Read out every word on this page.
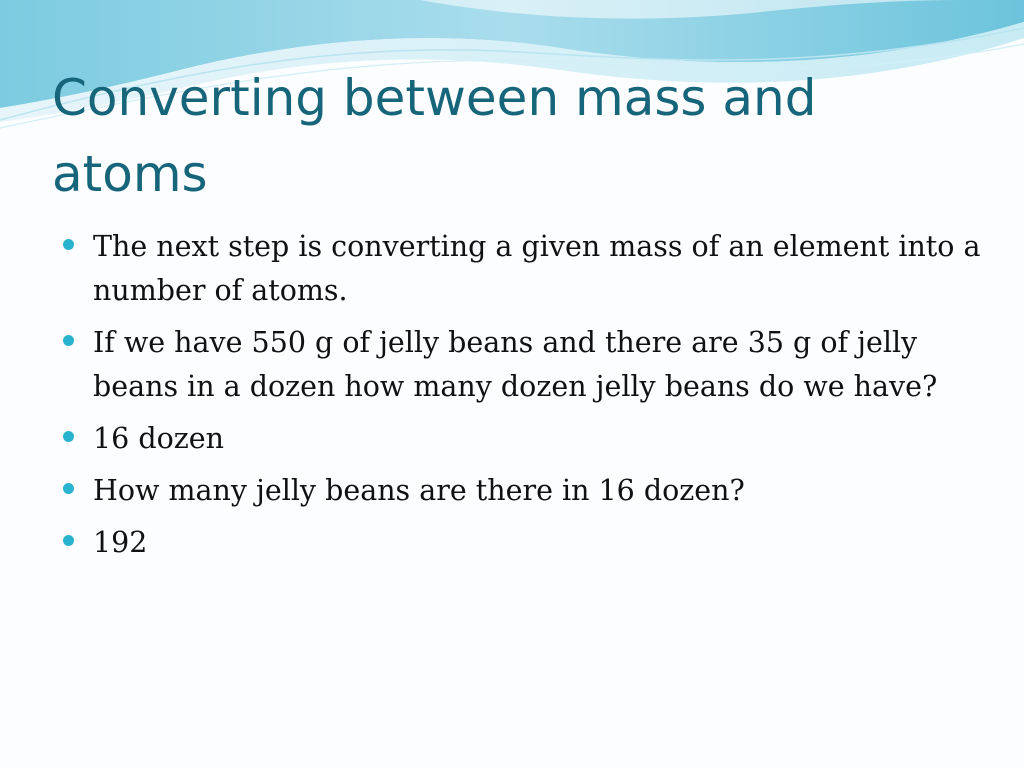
Converting between mass and atoms
The next step is converting a given mass of an element into a number of atoms.
If we have 550 g of jelly beans and there are 35 g of jelly beans in a dozen how many dozen jelly beans do we have?
16 dozen
How many jelly beans are there in 16 dozen?
192
